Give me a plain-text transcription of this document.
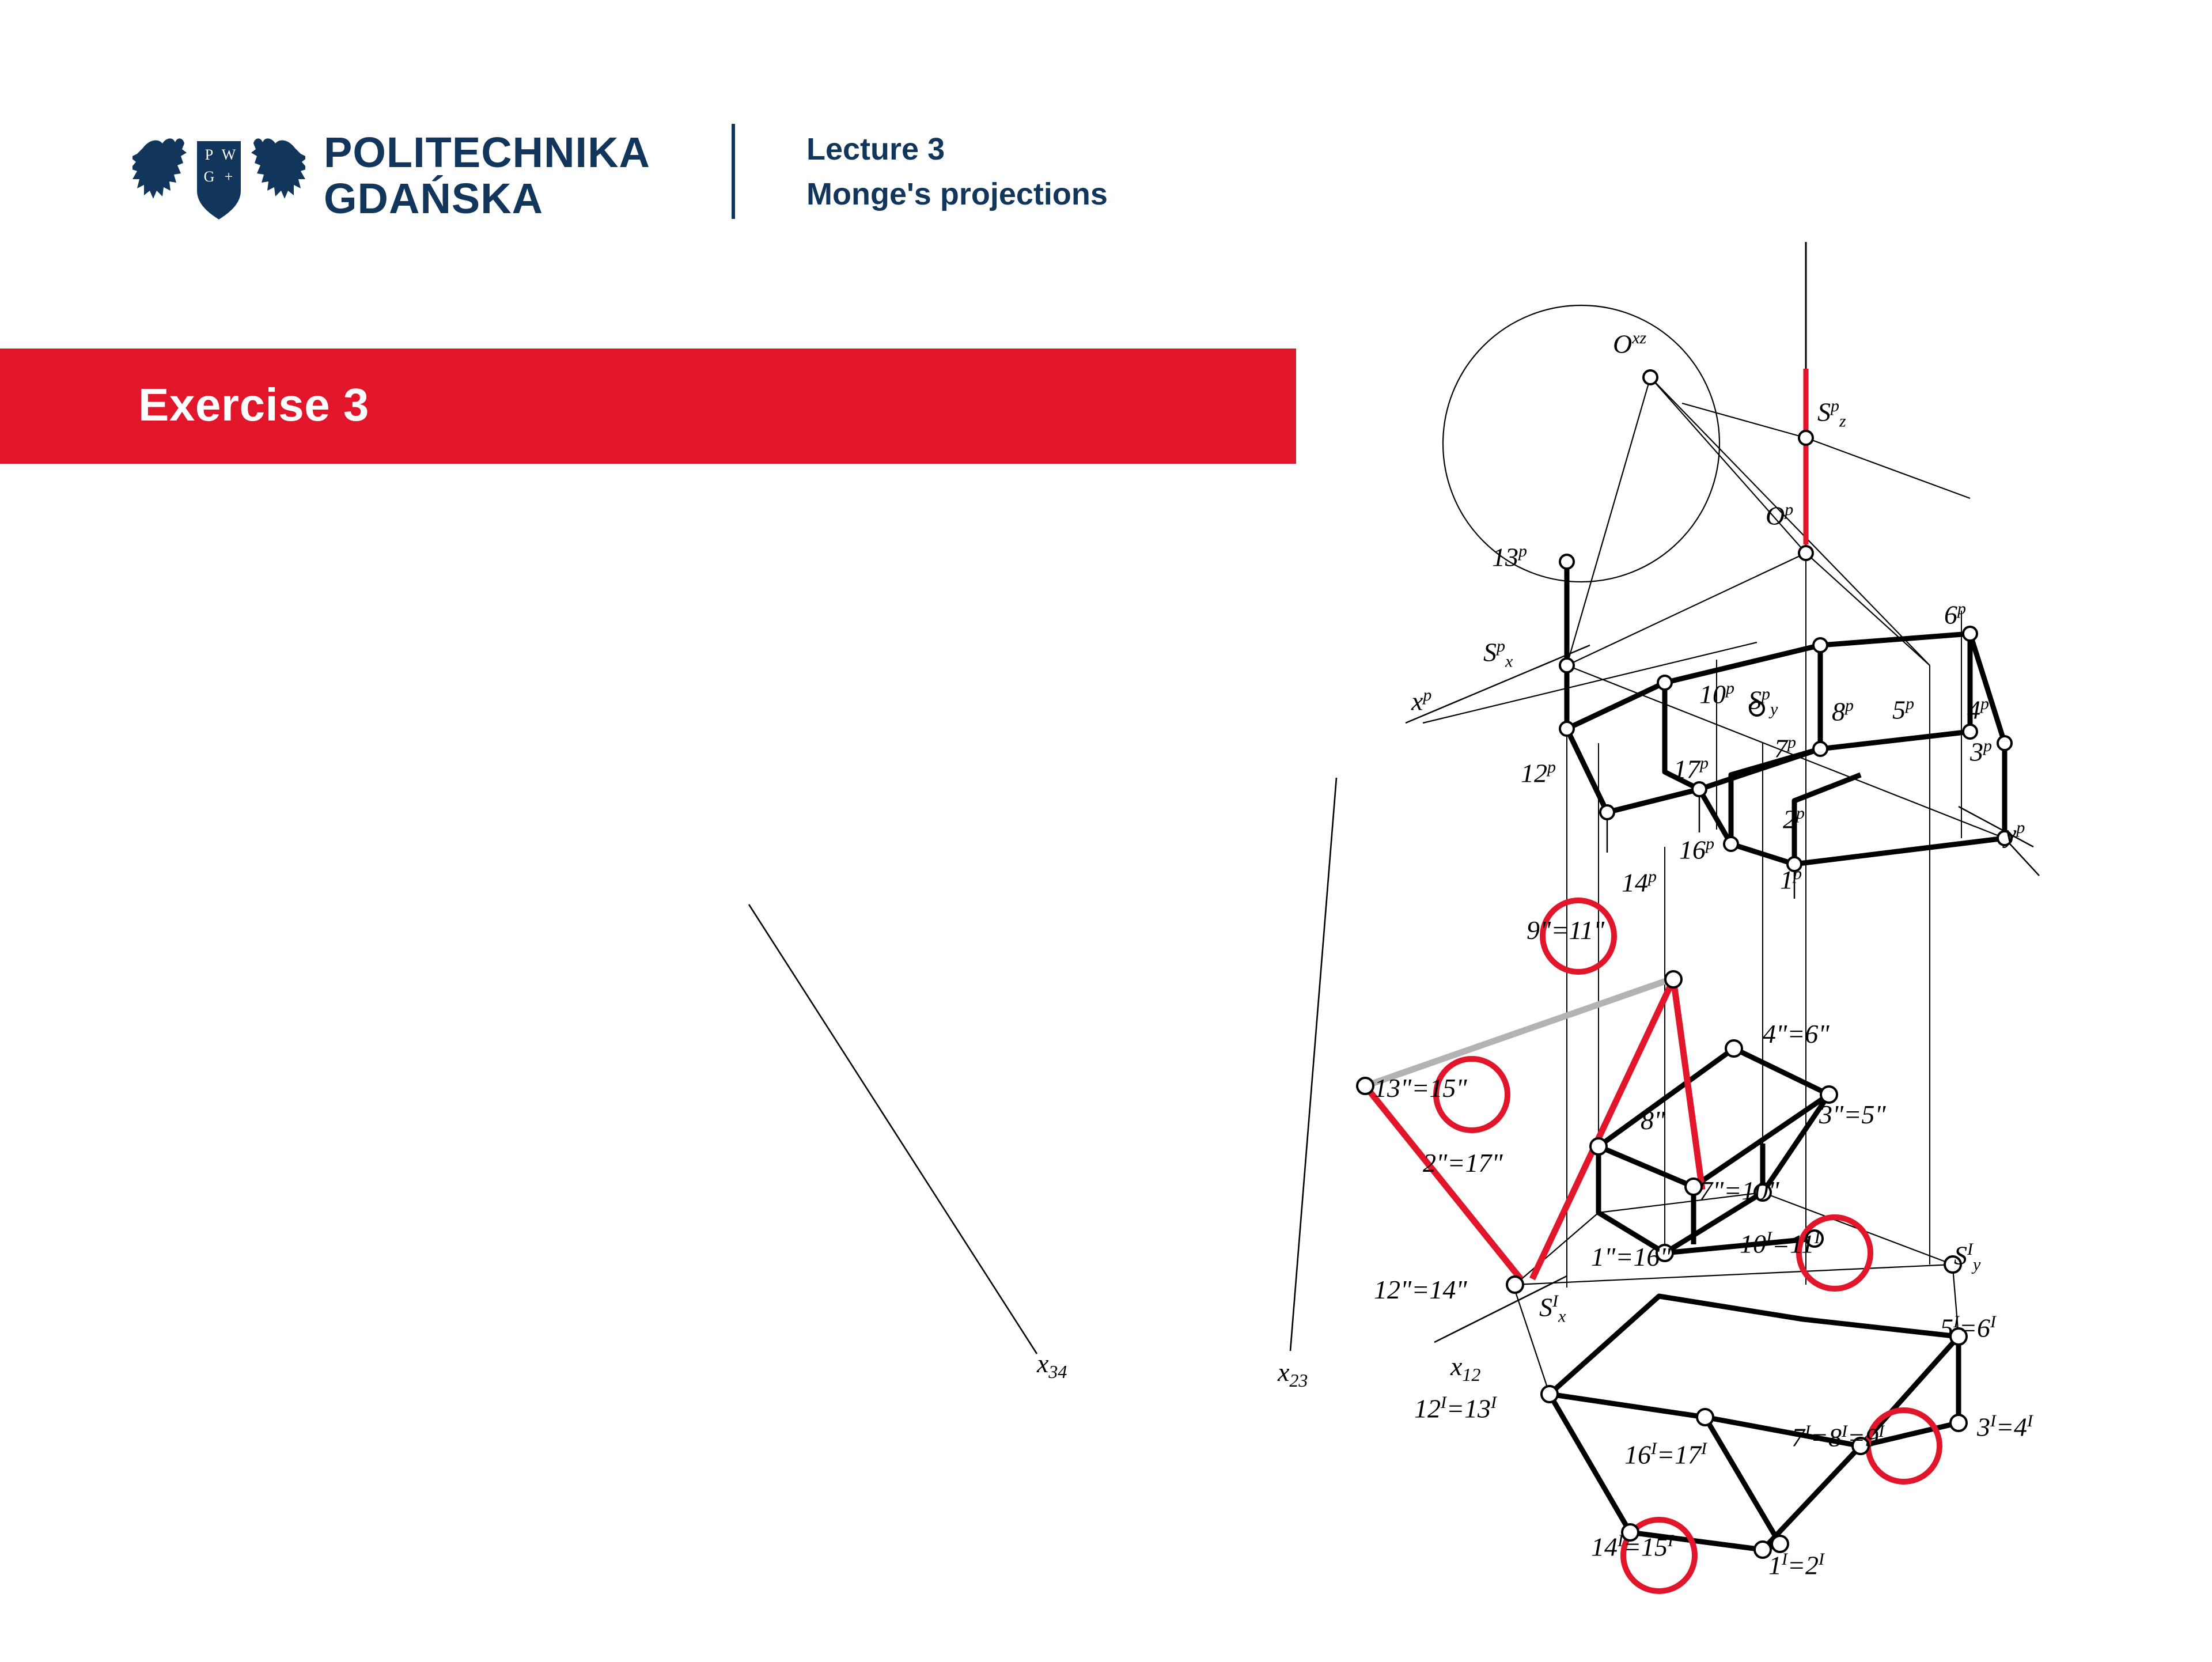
P W
G +
POLITECHNIKA
GDAŃSKA
Lecture 3
Monge's projections
Exercise 3
$O^{xz}$
$S^p_z$
$O^p$
$S^p_x$
$S^p_y$
13$^p$
12$^p$
14$^p$
16$^p$
17$^p$
10$^p$
1$^p$
2$^p$
7$^p$
8$^p$ 5$^p$
6$^p$
4$^p$
3$^p$
$x^p$
$y^p$
9"=11"
13"=15"
2"=17"
8"
4"=6"
3"=5"
7"=10"
1"=16"	$10^I=11^I$
12"=14"
$S^I_x$
$S^I_y$
$12^I=13^I$
$16^I=17^I$	$7^I=8^I=9^I$
$5^I=6^I$
$3^I=4^I$
$14^I=15^I$
$1^I=2^I$
$x_{34}$	$x_{23}$	$x_{12}$
